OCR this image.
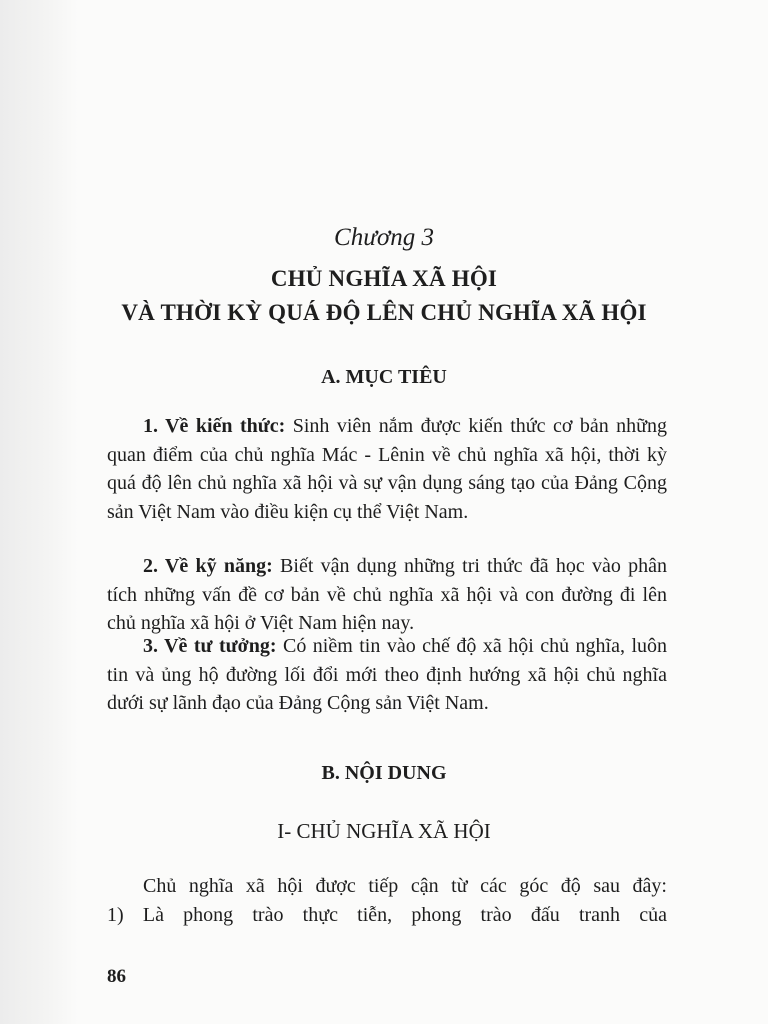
Chương 3
CHỦ NGHĨA XÃ HỘI
VÀ THỜI KỲ QUÁ ĐỘ LÊN CHỦ NGHĨA XÃ HỘI
A. MỤC TIÊU
1. Về kiến thức: Sinh viên nắm được kiến thức cơ bản những quan điểm của chủ nghĩa Mác - Lênin về chủ nghĩa xã hội, thời kỳ quá độ lên chủ nghĩa xã hội và sự vận dụng sáng tạo của Đảng Cộng sản Việt Nam vào điều kiện cụ thể Việt Nam.
2. Về kỹ năng: Biết vận dụng những tri thức đã học vào phân tích những vấn đề cơ bản về chủ nghĩa xã hội và con đường đi lên chủ nghĩa xã hội ở Việt Nam hiện nay.
3. Về tư tưởng: Có niềm tin vào chế độ xã hội chủ nghĩa, luôn tin và ủng hộ đường lối đổi mới theo định hướng xã hội chủ nghĩa dưới sự lãnh đạo của Đảng Cộng sản Việt Nam.
B. NỘI DUNG
I- CHỦ NGHĨA XÃ HỘI
Chủ nghĩa xã hội được tiếp cận từ các góc độ sau đây:
1) Là phong trào thực tiễn, phong trào đấu tranh của
86
